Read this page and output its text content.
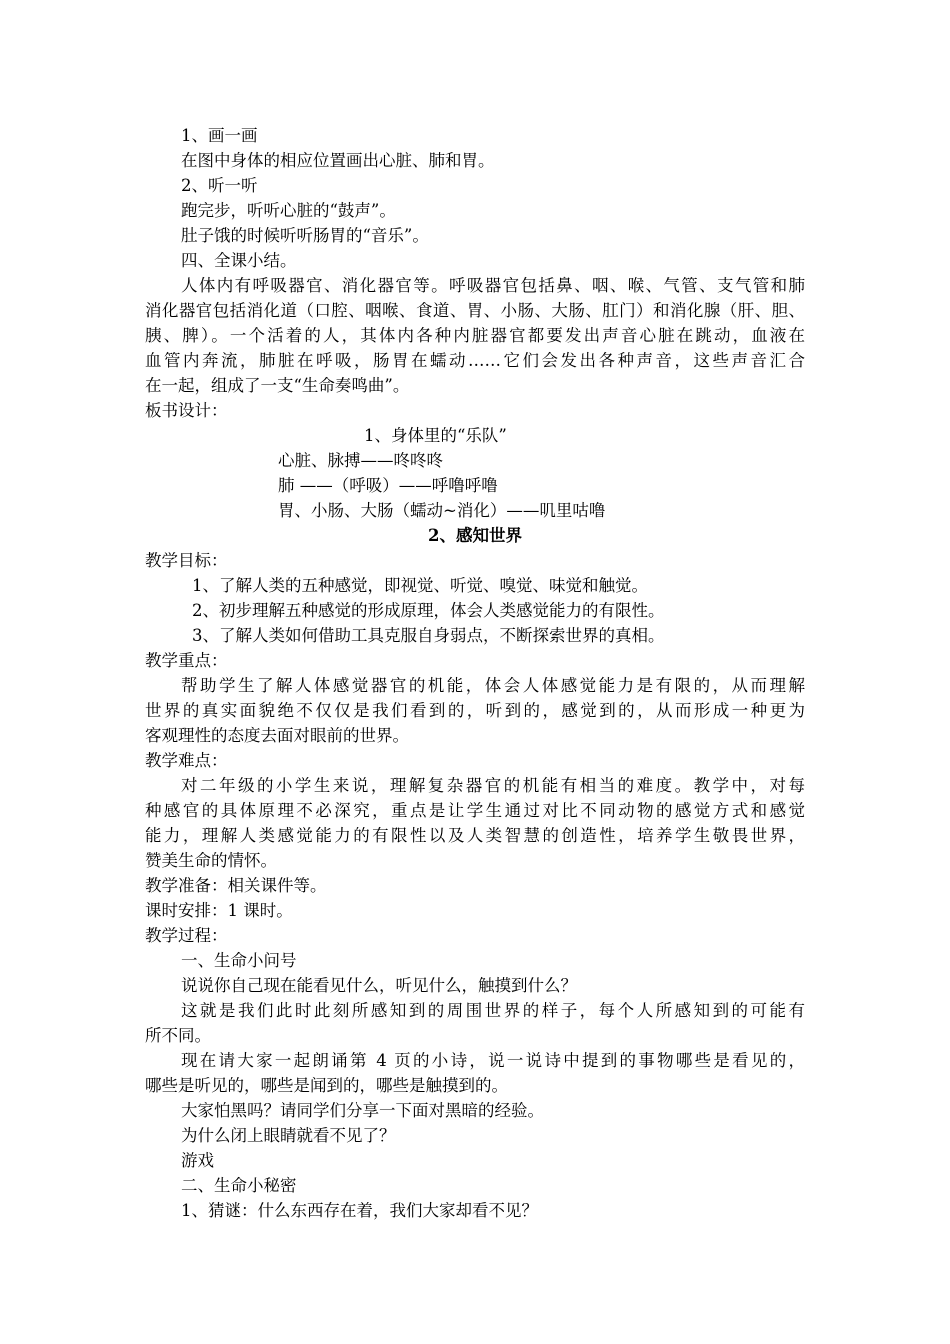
1、画一画
在图中身体的相应位置画出心脏、肺和胃。
2、听一听
跑完步，听听心脏的“鼓声”。
肚子饿的时候听听肠胃的“音乐”。
四、全课小结。
人体内有呼吸器官、消化器官等。呼吸器官包括鼻、咽、喉、气管、支气管和肺
消化器官包括消化道（口腔、咽喉、食道、胃、小肠、大肠、肛门）和消化腺（肝、胆、
胰、脾）。一个活着的人，其体内各种内脏器官都要发出声音心脏在跳动，血液在
血管内奔流，肺脏在呼吸，肠胃在蠕动……它们会发出各种声音，这些声音汇合
在一起，组成了一支“生命奏鸣曲”。
板书设计：
1、身体里的“乐队”
心脏、脉搏——咚咚咚
肺 ——（呼吸）——呼噜呼噜
胃、小肠、大肠（蠕动~消化）——叽里咕噜
2、感知世界
教学目标：
1、了解人类的五种感觉，即视觉、听觉、嗅觉、味觉和触觉。
2、初步理解五种感觉的形成原理，体会人类感觉能力的有限性。
3、了解人类如何借助工具克服自身弱点，不断探索世界的真相。
教学重点：
帮助学生了解人体感觉器官的机能，体会人体感觉能力是有限的，从而理解
世界的真实面貌绝不仅仅是我们看到的，听到的，感觉到的，从而形成一种更为
客观理性的态度去面对眼前的世界。
教学难点：
对二年级的小学生来说，理解复杂器官的机能有相当的难度。教学中，对每
种感官的具体原理不必深究，重点是让学生通过对比不同动物的感觉方式和感觉
能力，理解人类感觉能力的有限性以及人类智慧的创造性，培养学生敬畏世界，
赞美生命的情怀。
教学准备：相关课件等。
课时安排：1 课时。
教学过程：
一、生命小问号
说说你自己现在能看见什么，听见什么，触摸到什么？
这就是我们此时此刻所感知到的周围世界的样子，每个人所感知到的可能有
所不同。
现在请大家一起朗诵第 4 页的小诗，说一说诗中提到的事物哪些是看见的，
哪些是听见的，哪些是闻到的，哪些是触摸到的。
大家怕黑吗？请同学们分享一下面对黑暗的经验。
为什么闭上眼睛就看不见了？
游戏
二、生命小秘密
1、猜谜：什么东西存在着，我们大家却看不见？
